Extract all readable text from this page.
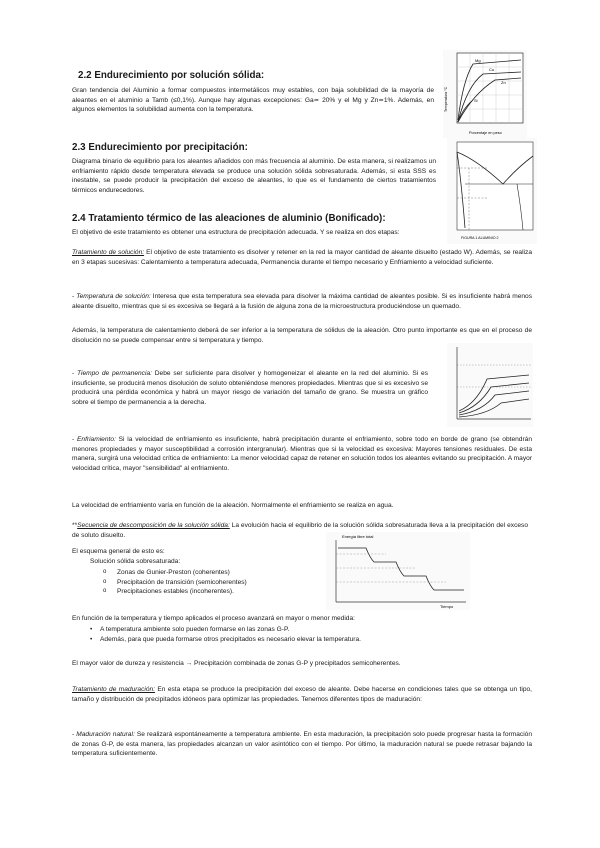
2.2 Endurecimiento por solución sólida:

Gran tendencia del Aluminio a formar compuestos intermetálicos muy estables, con baja solubilidad de la mayoría de aleantes en el aluminio a Tamb (≤0,1%). Aunque hay algunas excepciones: Ga≃ 20% y el Mg y Zn≃1%. Además, en algunos elementos la solubilidad aumenta con la temperatura.

Mg
Cu
Zn
Si
Temperatura °C
Porcentaje en peso
2.3 Endurecimiento por precipitación:

Diagrama binario de equilibrio para los aleantes añadidos con más frecuencia al aluminio. De esta manera, si realizamos un enfriamiento rápido desde temperatura elevada se produce una solución sólida sobresaturada. Además, si esta SSS es inestable, se puede producir la precipitación del exceso de aleantes, lo que es el fundamento de ciertos tratamientos térmicos endurecedores.

FIGURA 1 ALUMINIO 2
2.4 Tratamiento térmico de las aleaciones de aluminio (Bonificado):

El objetivo de este tratamiento es obtener una estructura de precipitación adecuada. Y se realiza en dos etapas:

Tratamiento de solución: El objetivo de este tratamiento es disolver y retener en la red la mayor cantidad de aleante disuelto (estado W). Además, se realiza en 3 etapas sucesivas: Calentamiento a temperatura adecuada, Permanencia durante el tiempo necesario y Enfriamiento a velocidad suficiente.

- Temperatura de solución: Interesa que esta temperatura sea elevada para disolver la máxima cantidad de aleantes posible. Si es insuficiente habrá menos aleante disuelto, mientras que si es excesiva se llegará a la fusión de alguna zona de la microestructura produciéndose un quemado.

Además, la temperatura de calentamiento deberá de ser inferior a la temperatura de sólidus de la aleación. Otro punto importante es que en el proceso de disolución no se puede compensar entre si temperatura y tiempo.

- Tiempo de permanencia: Debe ser suficiente para disolver y homogeneizar el aleante en la red del aluminio. Si es insuficiente, se producirá menos disolución de soluto obteniéndose menores propiedades. Mientras que si es excesivo se producirá una pérdida económica y habrá un mayor riesgo de variación del tamaño de grano. Se muestra un gráfico sobre el tiempo de permanencia a la derecha.

- Enfriamiento: Si la velocidad de enfriamiento es insuficiente, habrá precipitación durante el enfriamiento, sobre todo en borde de grano (se obtendrán menores propiedades y mayor susceptibilidad a corrosión intergranular). Mientras que si la velocidad es excesiva: Mayores tensiones residuales. De esta manera, surgirá una velocidad crítica de enfriamiento: La menor velocidad capaz de retener en solución todos los aleantes evitando su precipitación. A mayor velocidad crítica, mayor "sensibilidad" al enfriamiento.

La velocidad de enfriamiento varía en función de la aleación. Normalmente el enfriamiento se realiza en agua.

**Secuencia de descomposición de la solución sólida: La evolución hacia el equilibrio de la solución sólida sobresaturada lleva a la precipitación del exceso de soluto disuelto.

El esquema general de esto es:

Solución sólida sobresaturada:

o Zonas de Gunier-Preston (coherentes)
o Precipitación de transición (semicoherentes)
o Precipitaciones estables (incoherentes).
Energía libre total
Tiempo

En función de la temperatura y tiempo aplicados el proceso avanzará en mayor o menor medida:

• A temperatura ambiente solo pueden formarse en las zonas G-P.
• Además, para que pueda formarse otros precipitados es necesario elevar la temperatura.

El mayor valor de dureza y resistencia → Precipitación combinada de zonas G-P y precipitados semicoherentes.

Tratamiento de maduración: En esta etapa se produce la precipitación del exceso de aleante. Debe hacerse en condiciones tales que se obtenga un tipo, tamaño y distribución de precipitados idóneos para optimizar las propiedades. Tenemos diferentes tipos de maduración:

- Maduración natural: Se realizará espontáneamente a temperatura ambiente. En esta maduración, la precipitación solo puede progresar hasta la formación de zonas G-P, de esta manera, las propiedades alcanzan un valor asintótico con el tiempo. Por último, la maduración natural se puede retrasar bajando la temperatura suficientemente.
